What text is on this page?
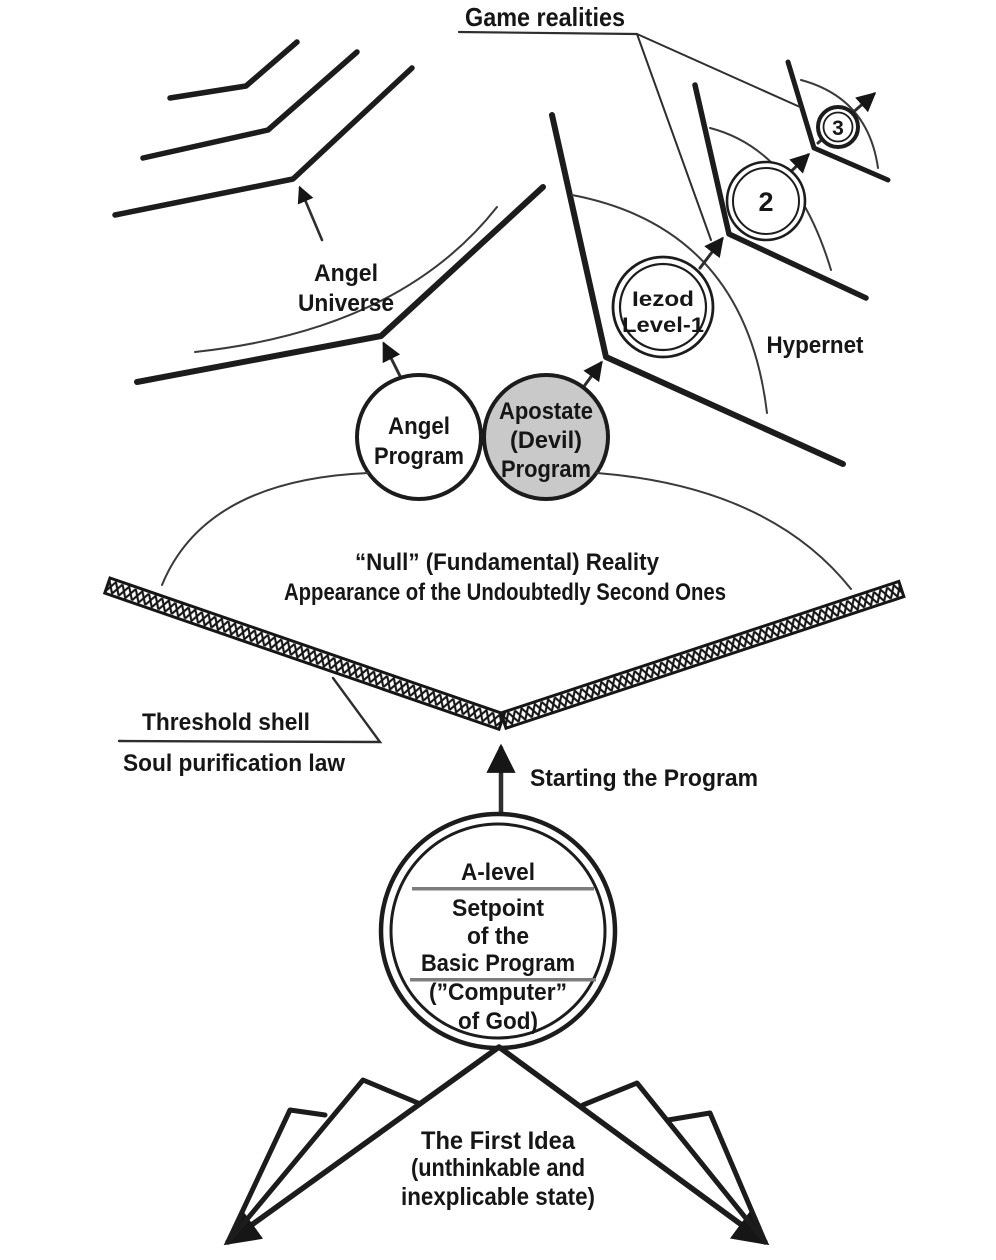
Angel
Universe	Iezod
Level-1
Hypernet
2
3
Game realities
Angel
Program
Apostate
(Devil)
Program
“Null” (Fundamental) Reality
Appearance of the Undoubtedly Second Ones
Threshold shell
Soul purification law
Starting the Program
A-level
Setpoint
of the
Basic Program
(”Computer”
of God)
The First Idea
(unthinkable and
inexplicable state)
